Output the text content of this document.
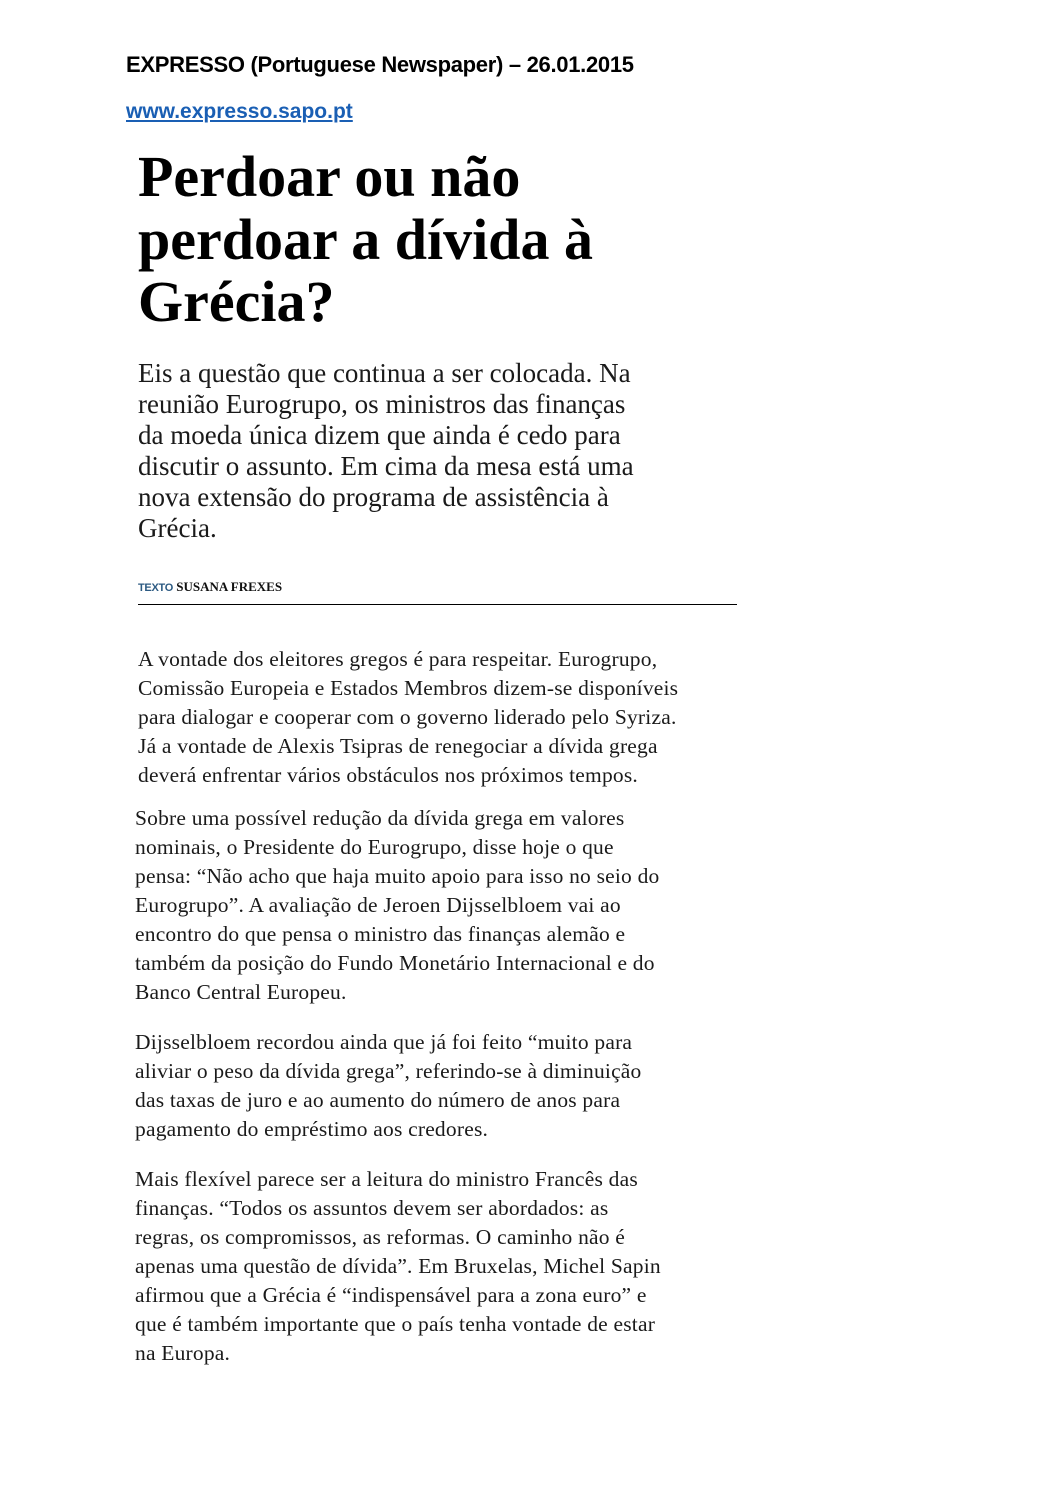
EXPRESSO (Portuguese Newspaper) – 26.01.2015
www.expresso.sapo.pt
Perdoar ou não
perdoar a dívida à
Grécia?
Eis a questão que continua a ser colocada. Na
reunião Eurogrupo, os ministros das finanças
da moeda única dizem que ainda é cedo para
discutir o assunto. Em cima da mesa está uma
nova extensão do programa de assistência à
Grécia.
TEXTO SUSANA FREXES
A vontade dos eleitores gregos é para respeitar. Eurogrupo,
Comissão Europeia e Estados Membros dizem-se disponíveis
para dialogar e cooperar com o governo liderado pelo Syriza.
Já a vontade de Alexis Tsipras de renegociar a dívida grega
deverá enfrentar vários obstáculos nos próximos tempos.
Sobre uma possível redução da dívida grega em valores
nominais, o Presidente do Eurogrupo, disse hoje o que
pensa: “Não acho que haja muito apoio para isso no seio do
Eurogrupo”. A avaliação de Jeroen Dijsselbloem vai ao
encontro do que pensa o ministro das finanças alemão e
também da posição do Fundo Monetário Internacional e do
Banco Central Europeu.
Dijsselbloem recordou ainda que já foi feito “muito para
aliviar o peso da dívida grega”, referindo-se à diminuição
das taxas de juro e ao aumento do número de anos para
pagamento do empréstimo aos credores.
Mais flexível parece ser a leitura do ministro Francês das
finanças. “Todos os assuntos devem ser abordados: as
regras, os compromissos, as reformas. O caminho não é
apenas uma questão de dívida”. Em Bruxelas, Michel Sapin
afirmou que a Grécia é “indispensável para a zona euro” e
que é também importante que o país tenha vontade de estar
na Europa.
